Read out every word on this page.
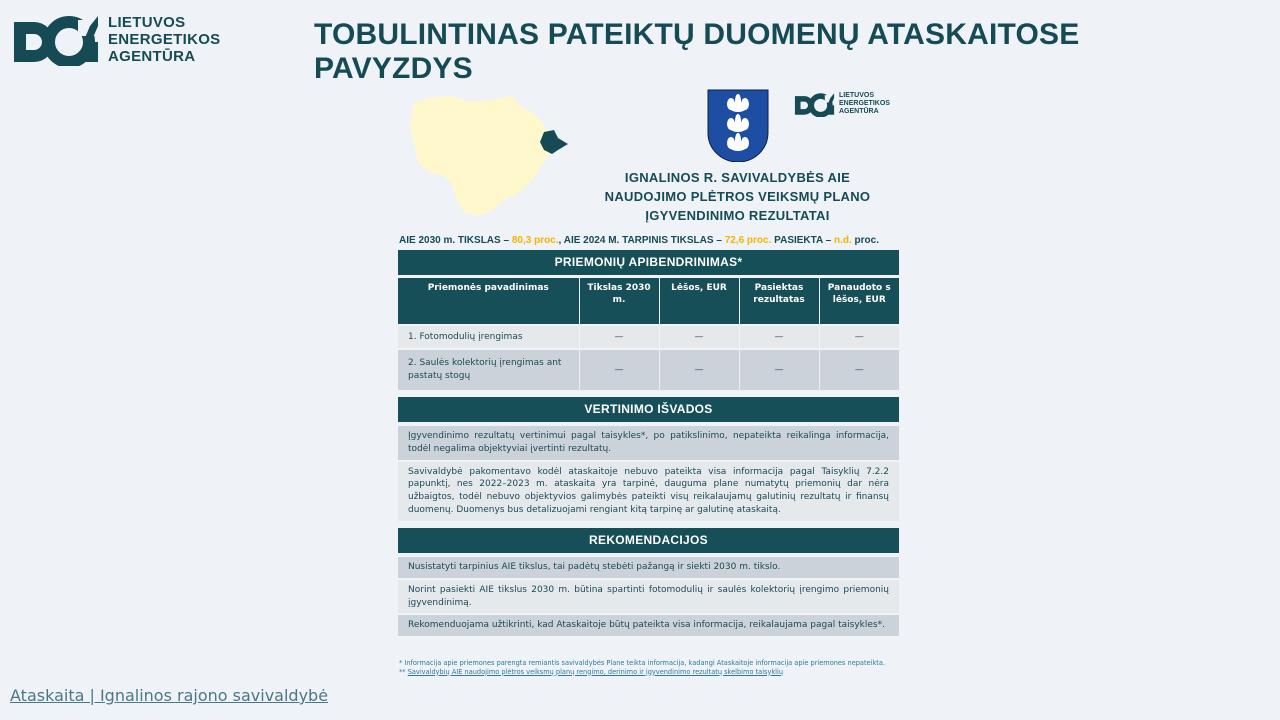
LIETUVOS
ENERGETIKOS
AGENTŪRA
TOBULINTINAS PATEIKTŲ DUOMENŲ ATASKAITOSE PAVYZDYS
LIETUVOS
ENERGETIKOS
AGENTŪRA
IGNALINOS R. SAVIVALDYBĖS AIE NAUDOJIMO PLĖTROS VEIKSMŲ PLANO ĮGYVENDINIMO REZULTATAI
AIE 2030 m. TIKSLAS – 80,3 proc., AIE 2024 M. TARPINIS TIKSLAS – 72,6 proc. PASIEKTA – n.d. proc.
PRIEMONIŲ APIBENDRINIMAS*
Priemonės pavadinimas	Tikslas 2030 m.	Lėšos, EUR	Pasiektas rezultatas	Panaudoto s lėšos, EUR
1. Fotomodulių įrengimas	—	—	—	—
2. Saulės kolektorių įrengimas ant pastatų stogų	—	—	—	—
VERTINIMO IŠVADOS
Įgyvendinimo rezultatų vertinimui pagal taisykles*, po patikslinimo, nepateikta reikalinga informacija, todėl negalima objektyviai įvertinti rezultatų.
Savivaldybė pakomentavo kodėl ataskaitoje nebuvo pateikta visa informacija pagal Taisyklių 7.2.2 papunktį, nes 2022–2023 m. ataskaita yra tarpinė, dauguma plane numatytų priemonių dar nėra užbaigtos, todėl nebuvo objektyvios galimybės pateikti visų reikalaujamų galutinių rezultatų ir finansų duomenų. Duomenys bus detalizuojami rengiant kitą tarpinę ar galutinę ataskaitą.
REKOMENDACIJOS
Nusistatyti tarpinius AIE tikslus, tai padėtų stebėti pažangą ir siekti 2030 m. tikslo.
Norint pasiekti AIE tikslus 2030 m. būtina spartinti fotomodulių ir saulės kolektorių įrengimo priemonių įgyvendinimą.
Rekomenduojama užtikrinti, kad Ataskaitoje būtų pateikta visa informacija, reikalaujama pagal taisykles*.
* Informacija apie priemones parengta remiantis savivaldybės Plane teikta informacija, kadangi Ataskaitoje informacija apie priemones nepateikta.
** Savivaldybių AIE naudojimo plėtros veiksmų planų rengimo, derinimo ir įgyvendinimo rezultatų skelbimo taisyklių
Ataskaita | Ignalinos rajono savivaldybė
